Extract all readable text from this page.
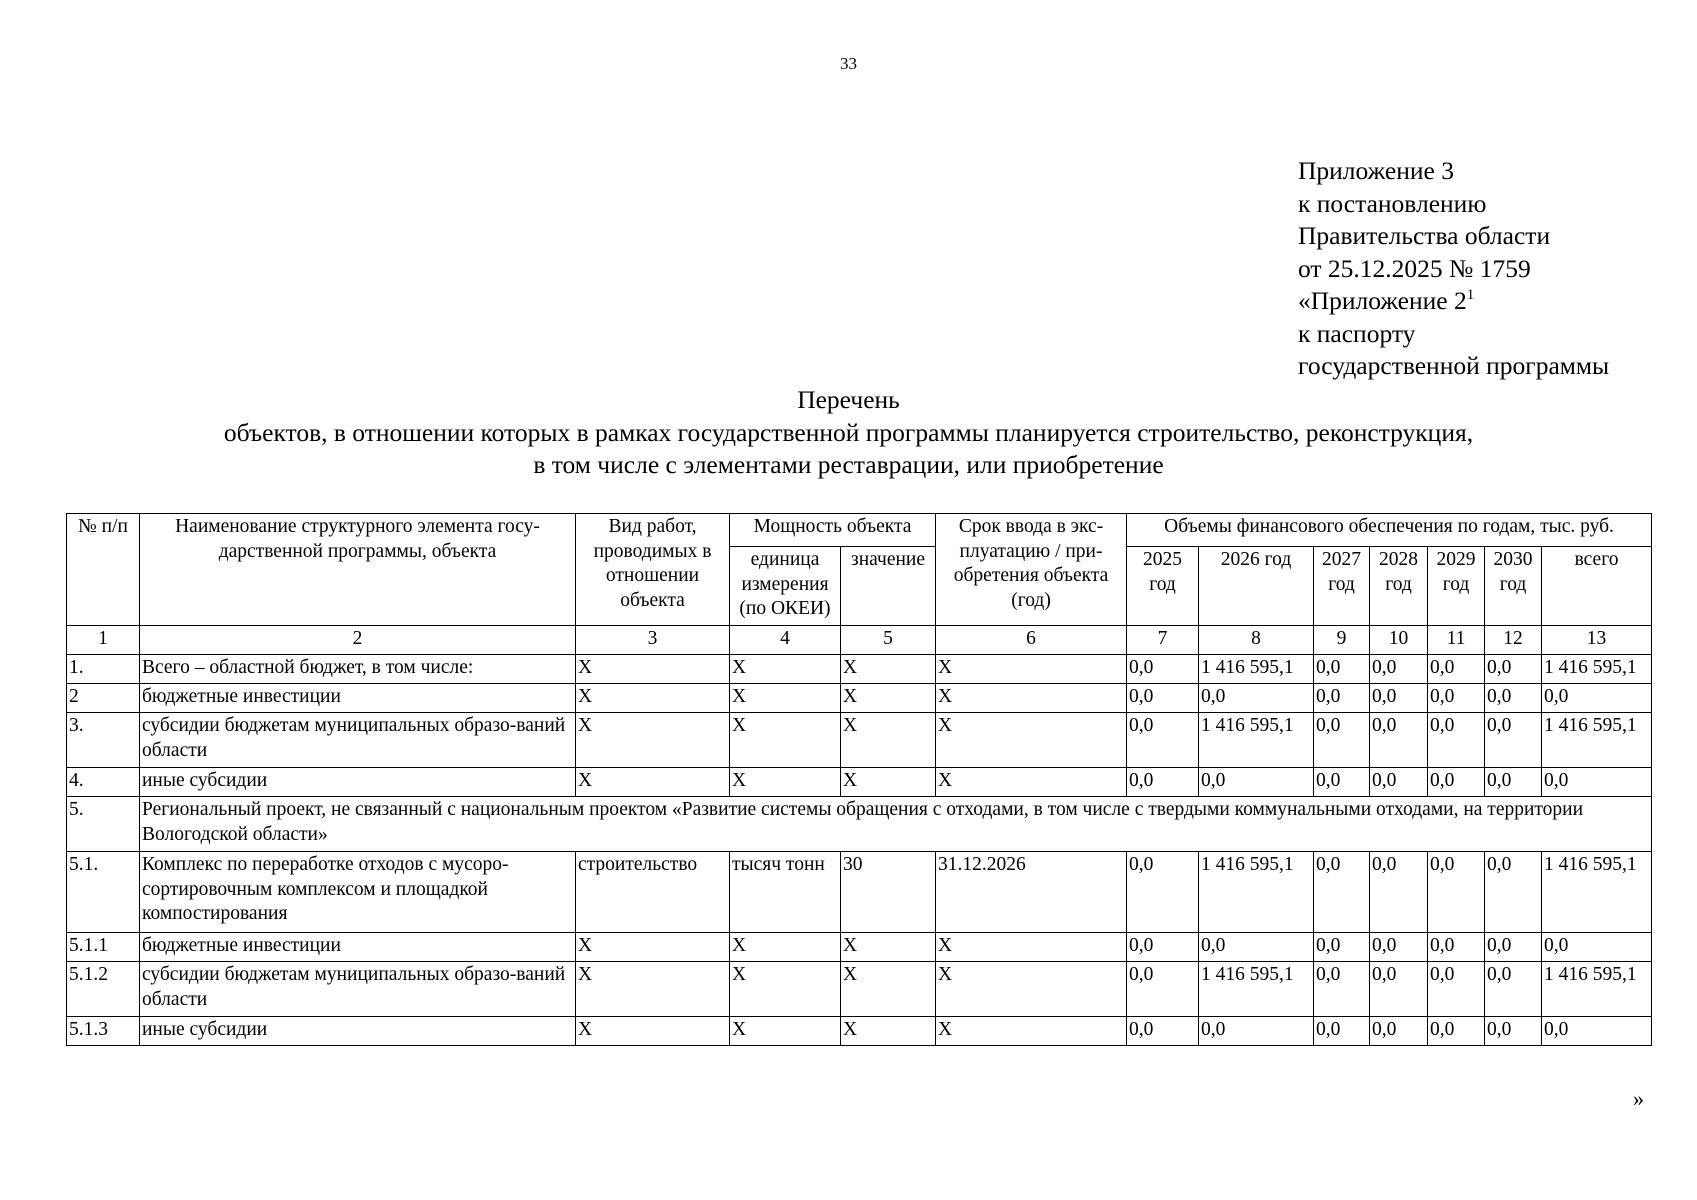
33
Приложение 3
к постановлению
Правительства области
от 25.12.2025 № 1759
«Приложение $2^1$
к паспорту
государственной программы
Перечень
объектов, в отношении которых в рамках государственной программы планируется строительство, реконструкция,
в том числе с элементами реставрации, или приобретение
№ п/п	Наименование структурного элемента госу-дарственной программы, объекта	Вид работ, проводимых в отношении объекта	Мощность объекта		Срок ввода в экс-плуатацию / при-обретения объекта (год)	Объемы финансового обеспечения по годам, тыс. руб.						
			единица измерения (по ОКЕИ)	значение		2025 год	2026 год	2027 год	2028 год	2029 год	2030 год	всего
1	2	3	4	5	6	7	8	9	10	11	12	13
1.	Всего – областной бюджет, в том числе:	X	X	X	X	0,0	1 416 595,1	0,0	0,0	0,0	0,0	1 416 595,1
2	бюджетные инвестиции	X	X	X	X	0,0	0,0	0,0	0,0	0,0	0,0	0,0
3.	субсидии бюджетам муниципальных образо-ваний области	X	X	X	X	0,0	1 416 595,1	0,0	0,0	0,0	0,0	1 416 595,1
4.	иные субсидии	X	X	X	X	0,0	0,0	0,0	0,0	0,0	0,0	0,0
5.	Региональный проект, не связанный с национальным проектом «Развитие системы обращения с отходами, в том числе с твердыми коммунальными отходами, на территории Вологодской области»											
5.1.	Комплекс по переработке отходов с мусоро-сортировочным комплексом и площадкой компостирования	строительство	тысяч тонн	30	31.12.2026	0,0	1 416 595,1	0,0	0,0	0,0	0,0	1 416 595,1
5.1.1	бюджетные инвестиции	X	X	X	X	0,0	0,0	0,0	0,0	0,0	0,0	0,0
5.1.2	субсидии бюджетам муниципальных образо-ваний области	X	X	X	X	0,0	1 416 595,1	0,0	0,0	0,0	0,0	1 416 595,1
5.1.3	иные субсидии	X	X	X	X	0,0	0,0	0,0	0,0	0,0	0,0	0,0
»
